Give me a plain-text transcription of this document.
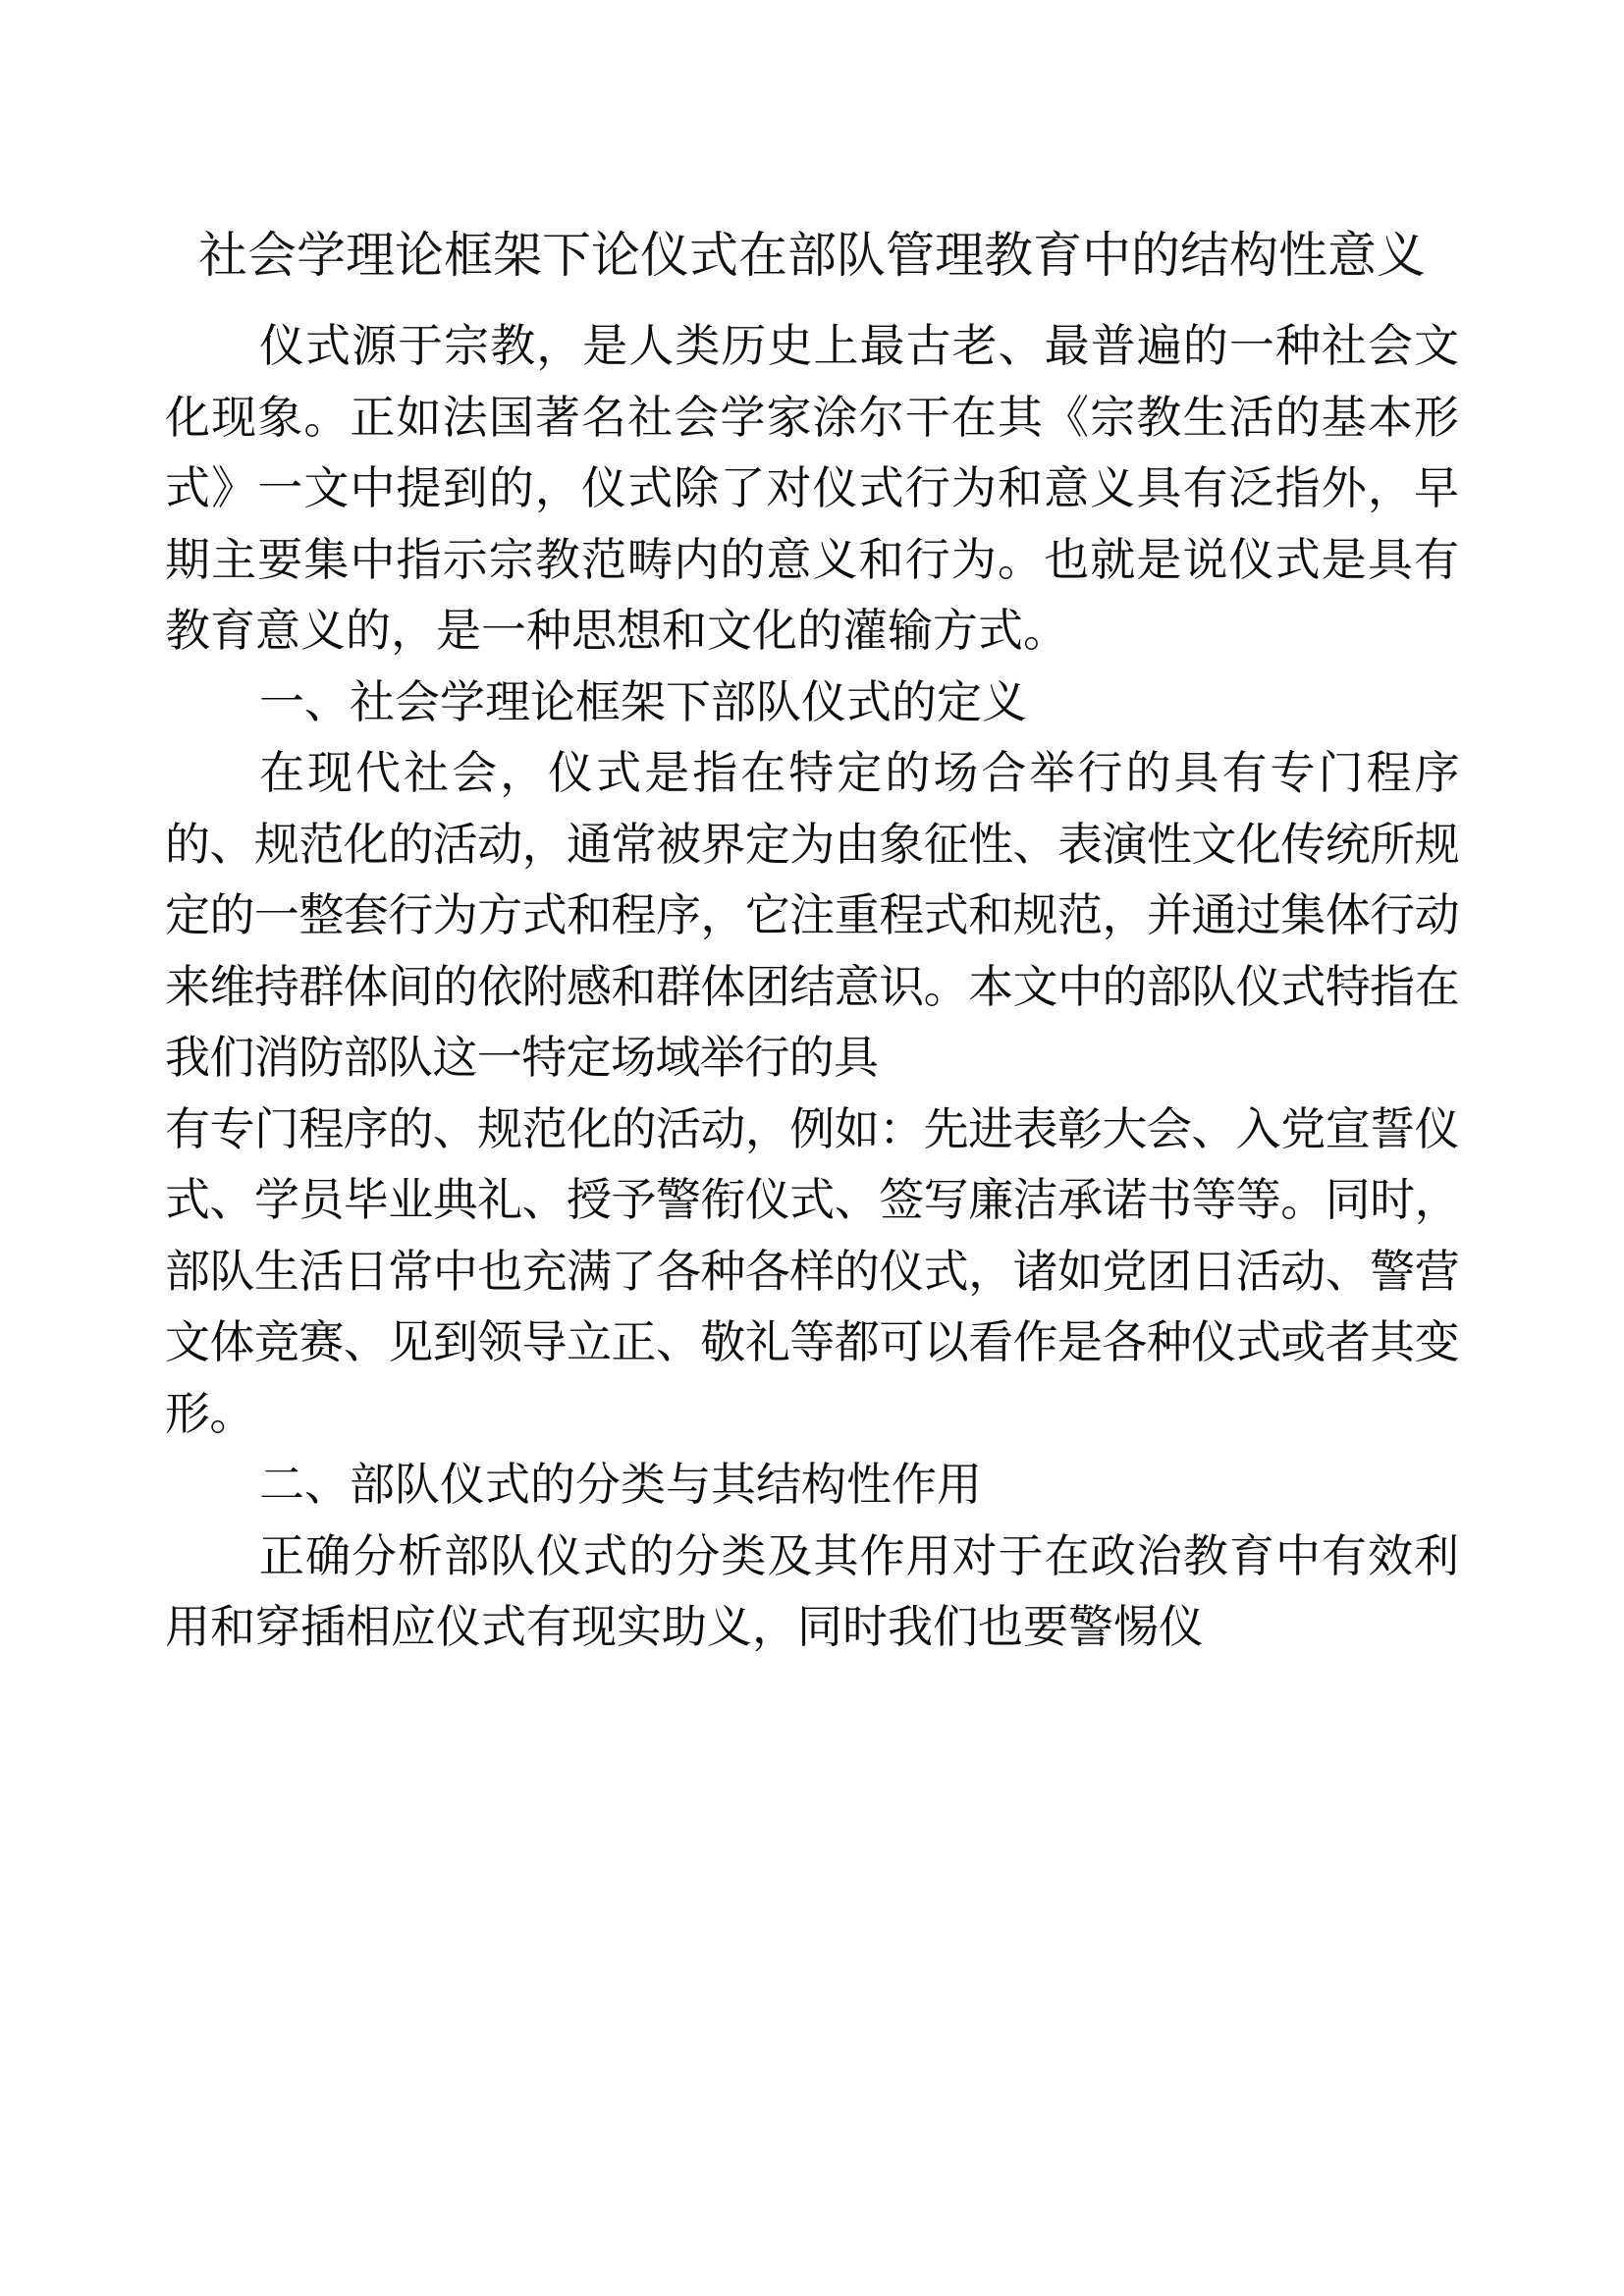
社会学理论框架下论仪式在部队管理教育中的结构性意义

仪式源于宗教，是人类历史上最古老、最普遍的一种社会文化现象。正如法国著名社会学家涂尔干在其《宗教生活的基本形式》一文中提到的，仪式除了对仪式行为和意义具有泛指外，早期主要集中指示宗教范畴内的意义和行为。也就是说仪式是具有教育意义的，是一种思想和文化的灌输方式。

一、社会学理论框架下部队仪式的定义

在现代社会，仪式是指在特定的场合举行的具有专门程序的、规范化的活动，通常被界定为由象征性、表演性文化传统所规定的一整套行为方式和程序，它注重程式和规范，并通过集体行动来维持群体间的依附感和群体团结意识。本文中的部队仪式特指在我们消防部队这一特定场域举行的具

有专门程序的、规范化的活动，例如：先进表彰大会、入党宣誓仪式、学员毕业典礼、授予警衔仪式、签写廉洁承诺书等等。同时，部队生活日常中也充满了各种各样的仪式，诸如党团日活动、警营文体竞赛、见到领导立正、敬礼等都可以看作是各种仪式或者其变形。

二、部队仪式的分类与其结构性作用

正确分析部队仪式的分类及其作用对于在政治教育中有效利用和穿插相应仪式有现实助义，同时我们也要警惕仪
